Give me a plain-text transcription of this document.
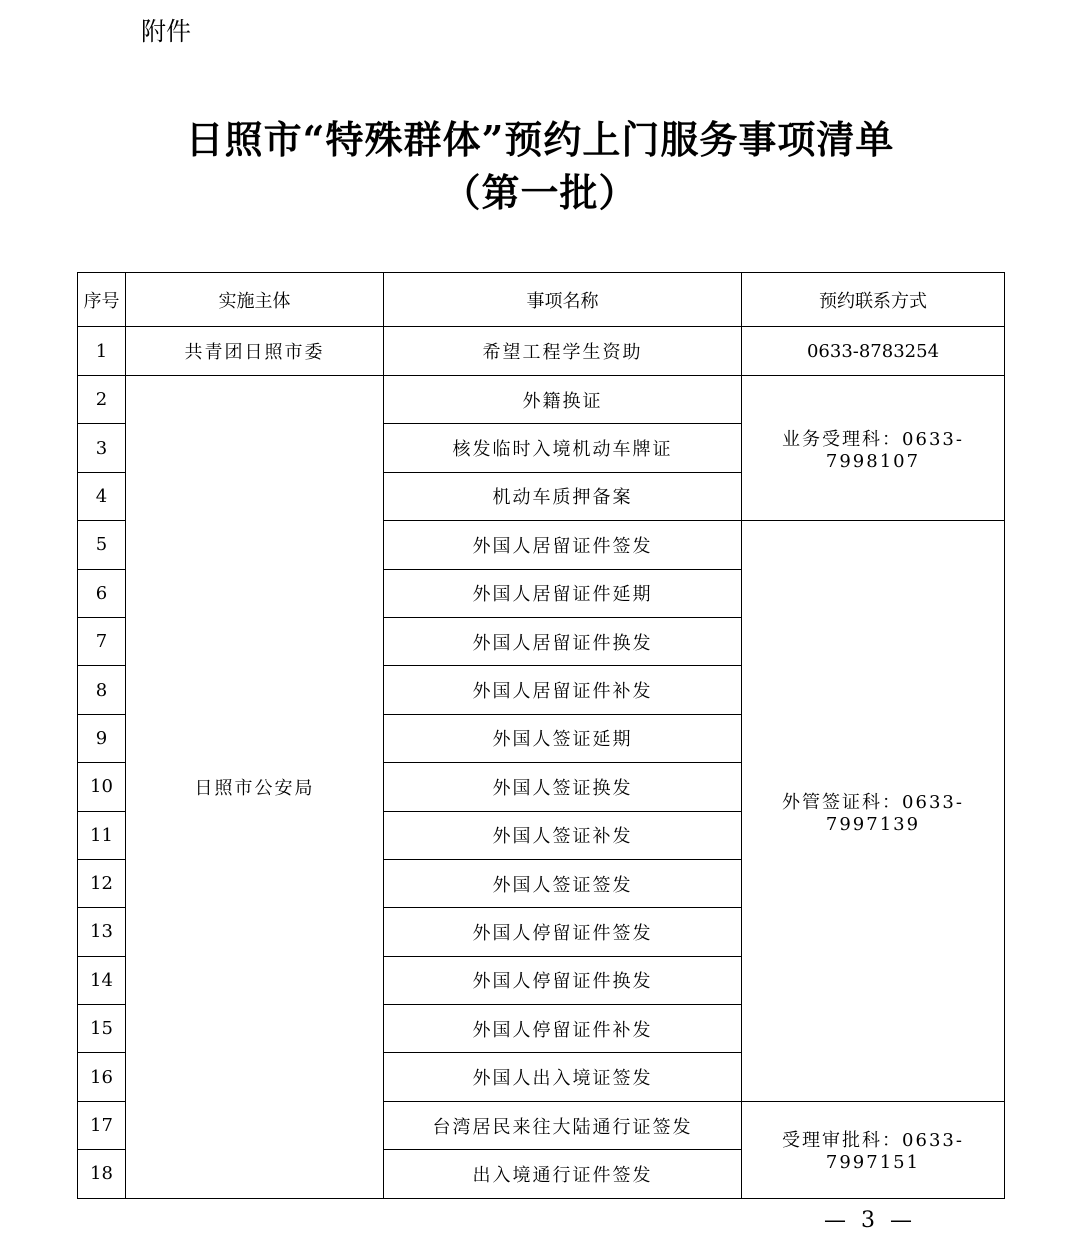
附件
日照市“特殊群体”预约上门服务事项清单
（第一批）
序号	实施主体	事项名称	预约联系方式
1	共青团日照市委	希望工程学生资助	0633-8783254
2	日照市公安局	外籍换证	业务受理科：0633-7998107
3		核发临时入境机动车牌证	
4		机动车质押备案	
5		外国人居留证件签发	外管签证科：0633-7997139
6		外国人居留证件延期	
7		外国人居留证件换发	
8		外国人居留证件补发	
9		外国人签证延期	
10		外国人签证换发	
11		外国人签证补发	
12		外国人签证签发	
13		外国人停留证件签发	
14		外国人停留证件换发	
15		外国人停留证件补发	
16		外国人出入境证签发	
17		台湾居民来往大陆通行证签发	受理审批科：0633-7997151
18		出入境通行证件签发	
— 3 —
